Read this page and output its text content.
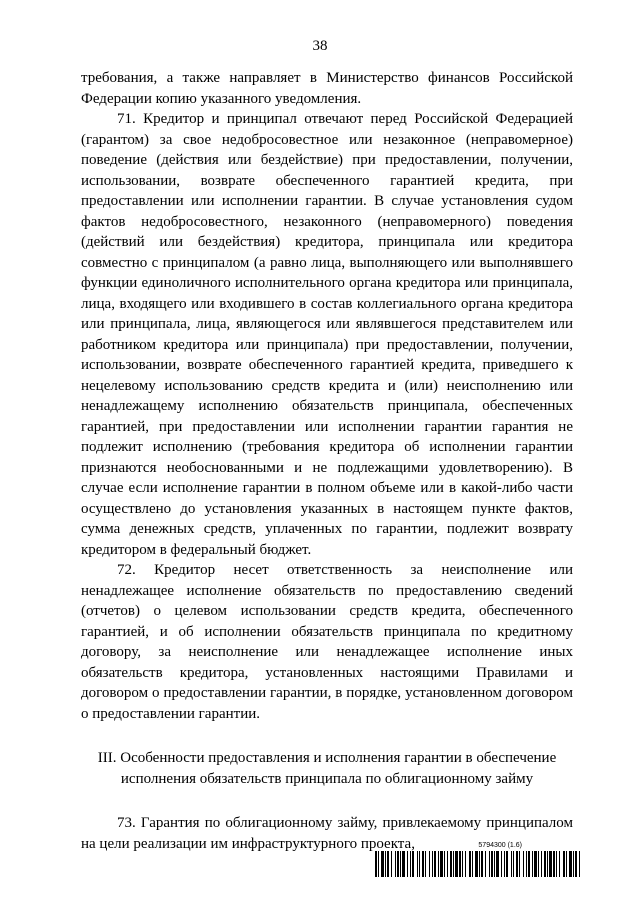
38

требования, а также направляет в Министерство финансов Российской Федерации копию указанного уведомления.

71. Кредитор и принципал отвечают перед Российской Федерацией (гарантом) за свое недобросовестное или незаконное (неправомерное) поведение (действия или бездействие) при предоставлении, получении, использовании, возврате обеспеченного гарантией кредита, при предоставлении или исполнении гарантии. В случае установления судом фактов недобросовестного, незаконного (неправомерного) поведения (действий или бездействия) кредитора, принципала или кредитора совместно с принципалом (а равно лица, выполняющего или выполнявшего функции единоличного исполнительного органа кредитора или принципала, лица, входящего или входившего в состав коллегиального органа кредитора или принципала, лица, являющегося или являвшегося представителем или работником кредитора или принципала) при предоставлении, получении, использовании, возврате обеспеченного гарантией кредита, приведшего к нецелевому использованию средств кредита и (или) неисполнению или ненадлежащему исполнению обязательств принципала, обеспеченных гарантией, при предоставлении или исполнении гарантии гарантия не подлежит исполнению (требования кредитора об исполнении гарантии признаются необоснованными и не подлежащими удовлетворению). В случае если исполнение гарантии в полном объеме или в какой-либо части осуществлено до установления указанных в настоящем пункте фактов, сумма денежных средств, уплаченных по гарантии, подлежит возврату кредитором в федеральный бюджет.

72. Кредитор несет ответственность за неисполнение или ненадлежащее исполнение обязательств по предоставлению сведений (отчетов) о целевом использовании средств кредита, обеспеченного гарантией, и об исполнении обязательств принципала по кредитному договору, за неисполнение или ненадлежащее исполнение иных обязательств кредитора, установленных настоящими Правилами и договором о предоставлении гарантии, в порядке, установленном договором о предоставлении гарантии.

III. Особенности предоставления и исполнения гарантии в обеспечение
исполнения обязательств принципала по облигационному займу

73. Гарантия по облигационному займу, привлекаемому принципалом на цели реализации им инфраструктурного проекта,	5794300 (1.6)
